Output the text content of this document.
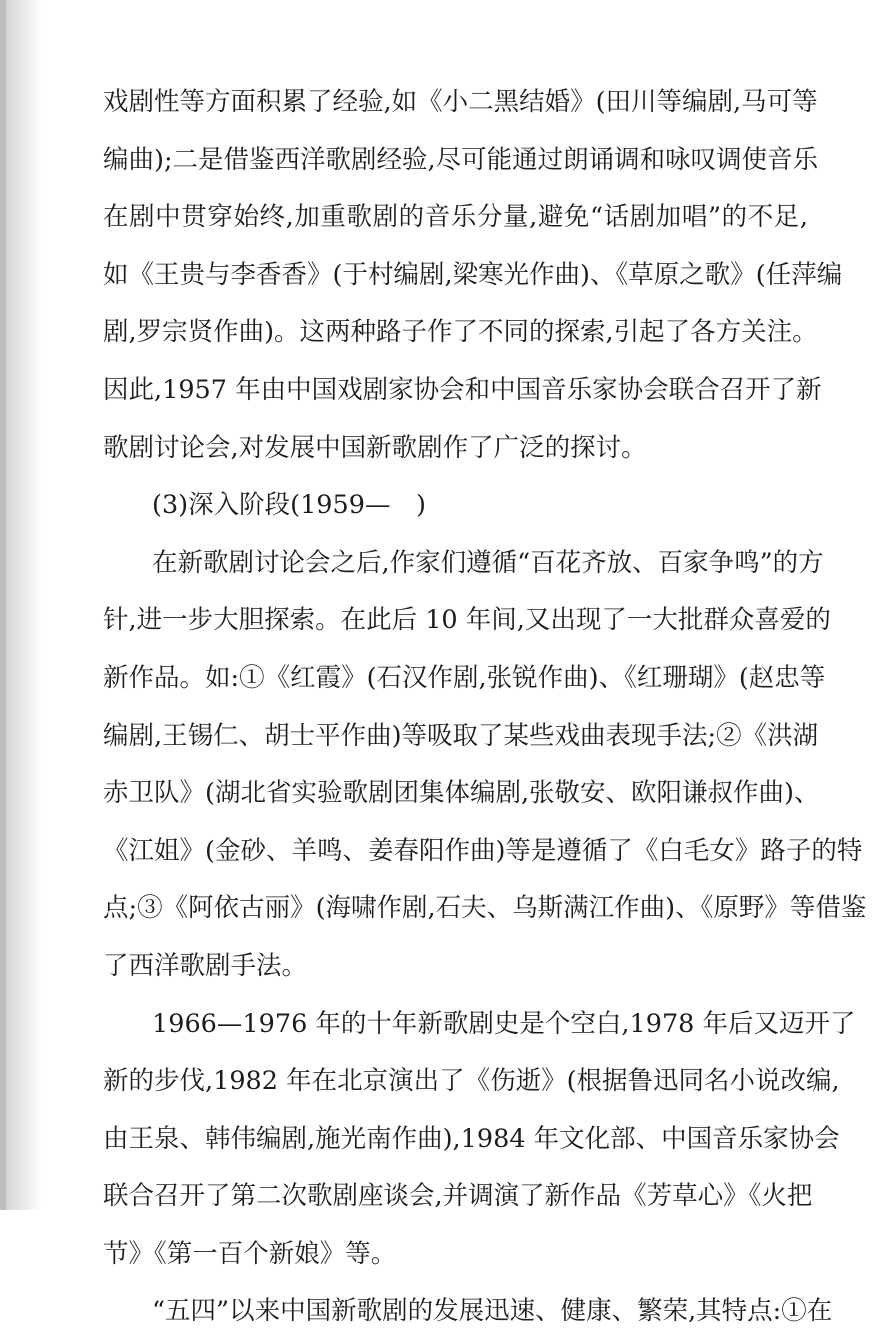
戏剧性等方面积累了经验,如《小二黑结婚》(田川等编剧,马可等
编曲);二是借鉴西洋歌剧经验,尽可能通过朗诵调和咏叹调使音乐
在剧中贯穿始终,加重歌剧的音乐分量,避免“话剧加唱”的不足,
如《王贵与李香香》(于村编剧,梁寒光作曲)、《草原之歌》(任萍编
剧,罗宗贤作曲)。这两种路子作了不同的探索,引起了各方关注。
因此,1957 年由中国戏剧家协会和中国音乐家协会联合召开了新
歌剧讨论会,对发展中国新歌剧作了广泛的探讨。
(3)深入阶段(1959—　)
在新歌剧讨论会之后,作家们遵循“百花齐放、百家争鸣”的方
针,进一步大胆探索。在此后 10 年间,又出现了一大批群众喜爱的
新作品。如:①《红霞》(石汉作剧,张锐作曲)、《红珊瑚》(赵忠等
编剧,王锡仁、胡士平作曲)等吸取了某些戏曲表现手法;②《洪湖
赤卫队》(湖北省实验歌剧团集体编剧,张敬安、欧阳谦叔作曲)、
《江姐》(金砂、羊鸣、姜春阳作曲)等是遵循了《白毛女》路子的特
点;③《阿依古丽》(海啸作剧,石夫、乌斯满江作曲)、《原野》等借鉴
了西洋歌剧手法。
1966—1976 年的十年新歌剧史是个空白,1978 年后又迈开了
新的步伐,1982 年在北京演出了《伤逝》(根据鲁迅同名小说改编,
由王泉、韩伟编剧,施光南作曲),1984 年文化部、中国音乐家协会
联合召开了第二次歌剧座谈会,并调演了新作品《芳草心》《火把
节》《第一百个新娘》等。
“五四”以来中国新歌剧的发展迅速、健康、繁荣,其特点:①在
